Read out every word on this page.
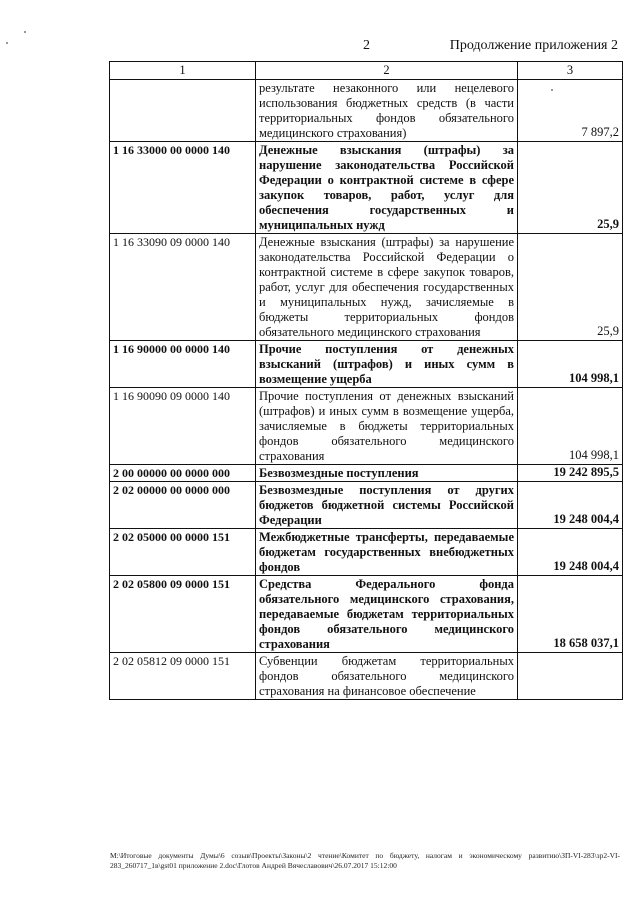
2	Продолжение приложения 2
1	2	3
	результате незаконного или нецелевого использования бюджетных средств (в части территориальных фондов обязательного медицинского страхования)	7 897,2
1 16 33000 00 0000 140	Денежные взыскания (штрафы) за нарушение законодательства Российской Федерации о контрактной системе в сфере закупок товаров, работ, услуг для обеспечения государственных и муниципальных нужд	25,9
1 16 33090 09 0000 140	Денежные взыскания (штрафы) за нарушение законодательства Российской Федерации о контрактной системе в сфере закупок товаров, работ, услуг для обеспечения государственных и муниципальных нужд, зачисляемые в бюджеты территориальных фондов обязательного медицинского страхования	25,9
1 16 90000 00 0000 140	Прочие поступления от денежных взысканий (штрафов) и иных сумм в возмещение ущерба	104 998,1
1 16 90090 09 0000 140	Прочие поступления от денежных взысканий (штрафов) и иных сумм в возмещение ущерба, зачисляемые в бюджеты территориальных фондов обязательного медицинского страхования	104 998,1
2 00 00000 00 0000 000	Безвозмездные поступления	19 242 895,5
2 02 00000 00 0000 000	Безвозмездные поступления от других бюджетов бюджетной системы Российской Федерации	19 248 004,4
2 02 05000 00 0000 151	Межбюджетные трансферты, передаваемые бюджетам государственных внебюджетных фондов	19 248 004,4
2 02 05800 09 0000 151	Средства Федерального фонда обязательного медицинского страхования, передаваемые бюджетам территориальных фондов обязательного медицинского страхования	18 658 037,1
2 02 05812 09 0000 151	Субвенции бюджетам территориальных фондов обязательного медицинского страхования на финансовое обеспечение	
М:\Итоговые документы Думы\6 созыв\Проекты\Законы\2 чтение\Комитет по бюджету, налогам и экономическому развитию\ЗП-VI-283\зр2-VI-283_260717_1в\gst01 приложение 2.doc\Глотов Андрей Вячеславович\26.07.2017 15:12:00
